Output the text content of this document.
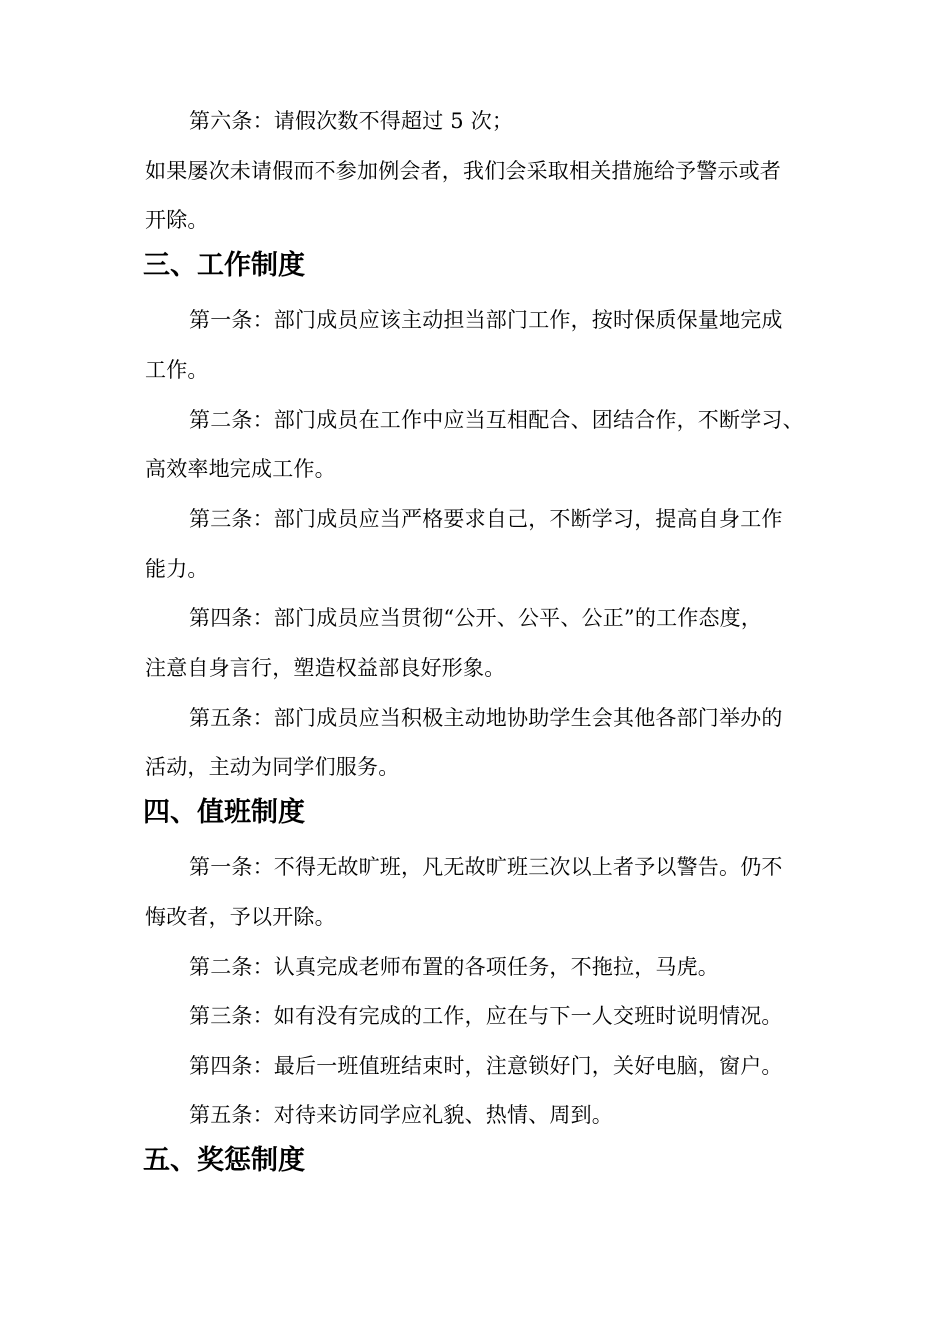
第六条：请假次数不得超过 5 次；
如果屡次未请假而不参加例会者，我们会采取相关措施给予警示或者
开除。
三、工作制度
第一条：部门成员应该主动担当部门工作，按时保质保量地完成
工作。
第二条：部门成员在工作中应当互相配合、团结合作，不断学习、
高效率地完成工作。
第三条：部门成员应当严格要求自己，不断学习，提高自身工作
能力。
第四条：部门成员应当贯彻“公开、公平、公正”的工作态度，
注意自身言行，塑造权益部良好形象。
第五条：部门成员应当积极主动地协助学生会其他各部门举办的
活动，主动为同学们服务。
四、值班制度
第一条：不得无故旷班，凡无故旷班三次以上者予以警告。仍不
悔改者，予以开除。
第二条：认真完成老师布置的各项任务，不拖拉，马虎。
第三条：如有没有完成的工作，应在与下一人交班时说明情况。
第四条：最后一班值班结束时，注意锁好门，关好电脑，窗户。
第五条：对待来访同学应礼貌、热情、周到。
五、奖惩制度
